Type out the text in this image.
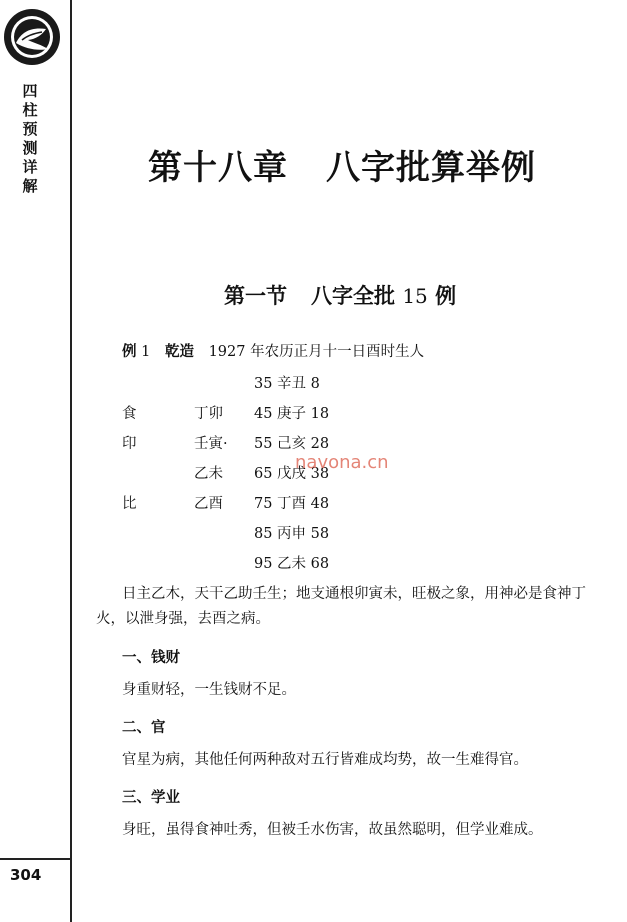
四
柱
预
测
详
解
304
第十八章 八字批算举例
第一节 八字全批 15 例
例 1 乾造 1927 年农历正月十一日酉时生人
食
印
比
丁卯
壬寅·
乙未
乙酉
35 辛丑 8
45 庚子 18
55 己亥 28
65 戊戌 38
75 丁酉 48
85 丙申 58
95 乙未 68
navona.cn
日主乙木，天干乙助壬生；地支通根卯寅未，旺极之象，用神必是食神丁火，以泄身强，去酉之病。
一、钱财
身重财轻，一生钱财不足。
二、官
官星为病，其他任何两种敌对五行皆难成均势，故一生难得官。
三、学业
身旺，虽得食神吐秀，但被壬水伤害，故虽然聪明，但学业难成。
